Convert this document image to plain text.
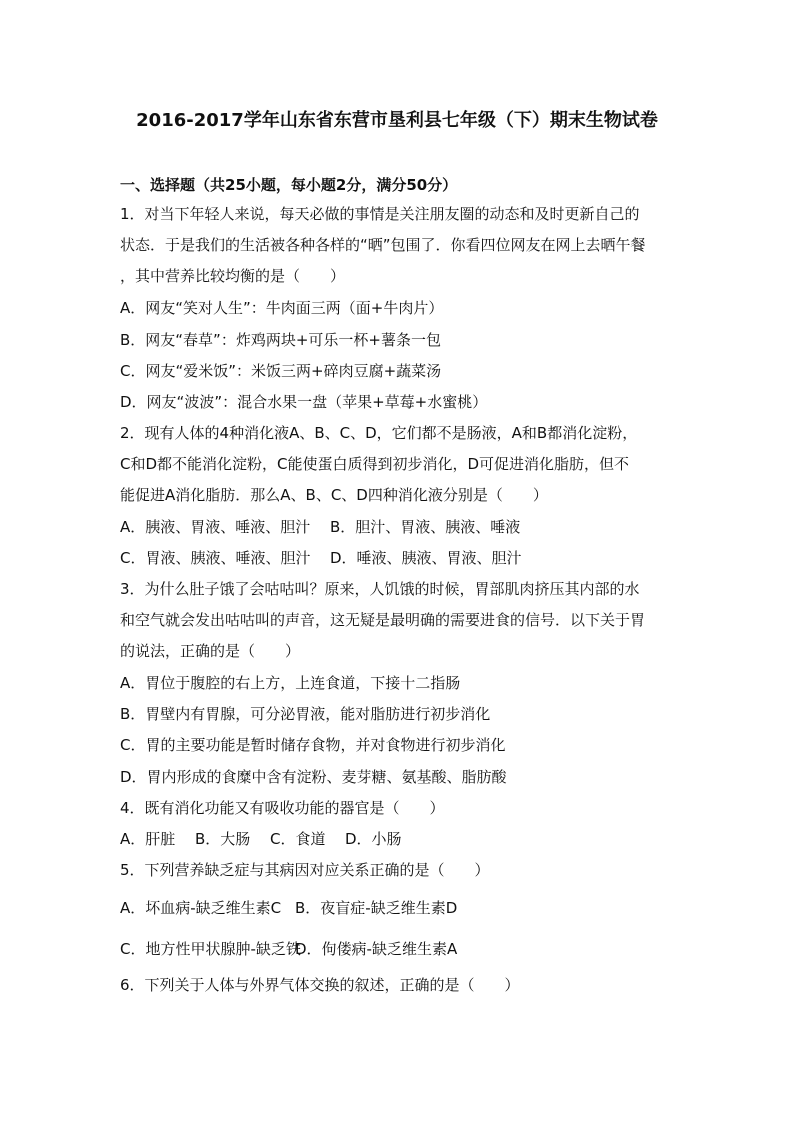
2016-2017学年山东省东营市垦利县七年级（下）期末生物试卷
一、选择题（共25小题，每小题2分，满分50分）
1．对当下年轻人来说，每天必做的事情是关注朋友圈的动态和及时更新自己的
状态．于是我们的生活被各种各样的“晒”包围了．你看四位网友在网上去晒午餐
，其中营养比较均衡的是（　　）
A．网友“笑对人生”：牛肉面三两（面+牛肉片）
B．网友“春草”：炸鸡两块+可乐一杯+薯条一包
C．网友“爱米饭”：米饭三两+碎肉豆腐+蔬菜汤
D．网友“波波”：混合水果一盘（苹果+草莓+水蜜桃）
2．现有人体的4种消化液A、B、C、D，它们都不是肠液，A和B都消化淀粉，
C和D都不能消化淀粉，C能使蛋白质得到初步消化，D可促进消化脂肪，但不
能促进A消化脂肪．那么A、B、C、D四种消化液分别是（　　）
A．胰液、胃液、唾液、胆汁 B．胆汁、胃液、胰液、唾液
C．胃液、胰液、唾液、胆汁 D．唾液、胰液、胃液、胆汁
3．为什么肚子饿了会咕咕叫？原来，人饥饿的时候，胃部肌肉挤压其内部的水
和空气就会发出咕咕叫的声音，这无疑是最明确的需要进食的信号．以下关于胃
的说法，正确的是（　　）
A．胃位于腹腔的右上方，上连食道，下接十二指肠
B．胃壁内有胃腺，可分泌胃液，能对脂肪进行初步消化
C．胃的主要功能是暂时储存食物，并对食物进行初步消化
D．胃内形成的食糜中含有淀粉、麦芽糖、氨基酸、脂肪酸
4．既有消化功能又有吸收功能的器官是（　　）
A．肝脏 B．大肠 C．食道 D．小肠
5．下列营养缺乏症与其病因对应关系正确的是（　　）
A．坏血病-缺乏维生素C B．夜盲症-缺乏维生素D
C．地方性甲状腺肿-缺乏铁
D．佝偻病-缺乏维生素A
6．下列关于人体与外界气体交换的叙述，正确的是（　　）
